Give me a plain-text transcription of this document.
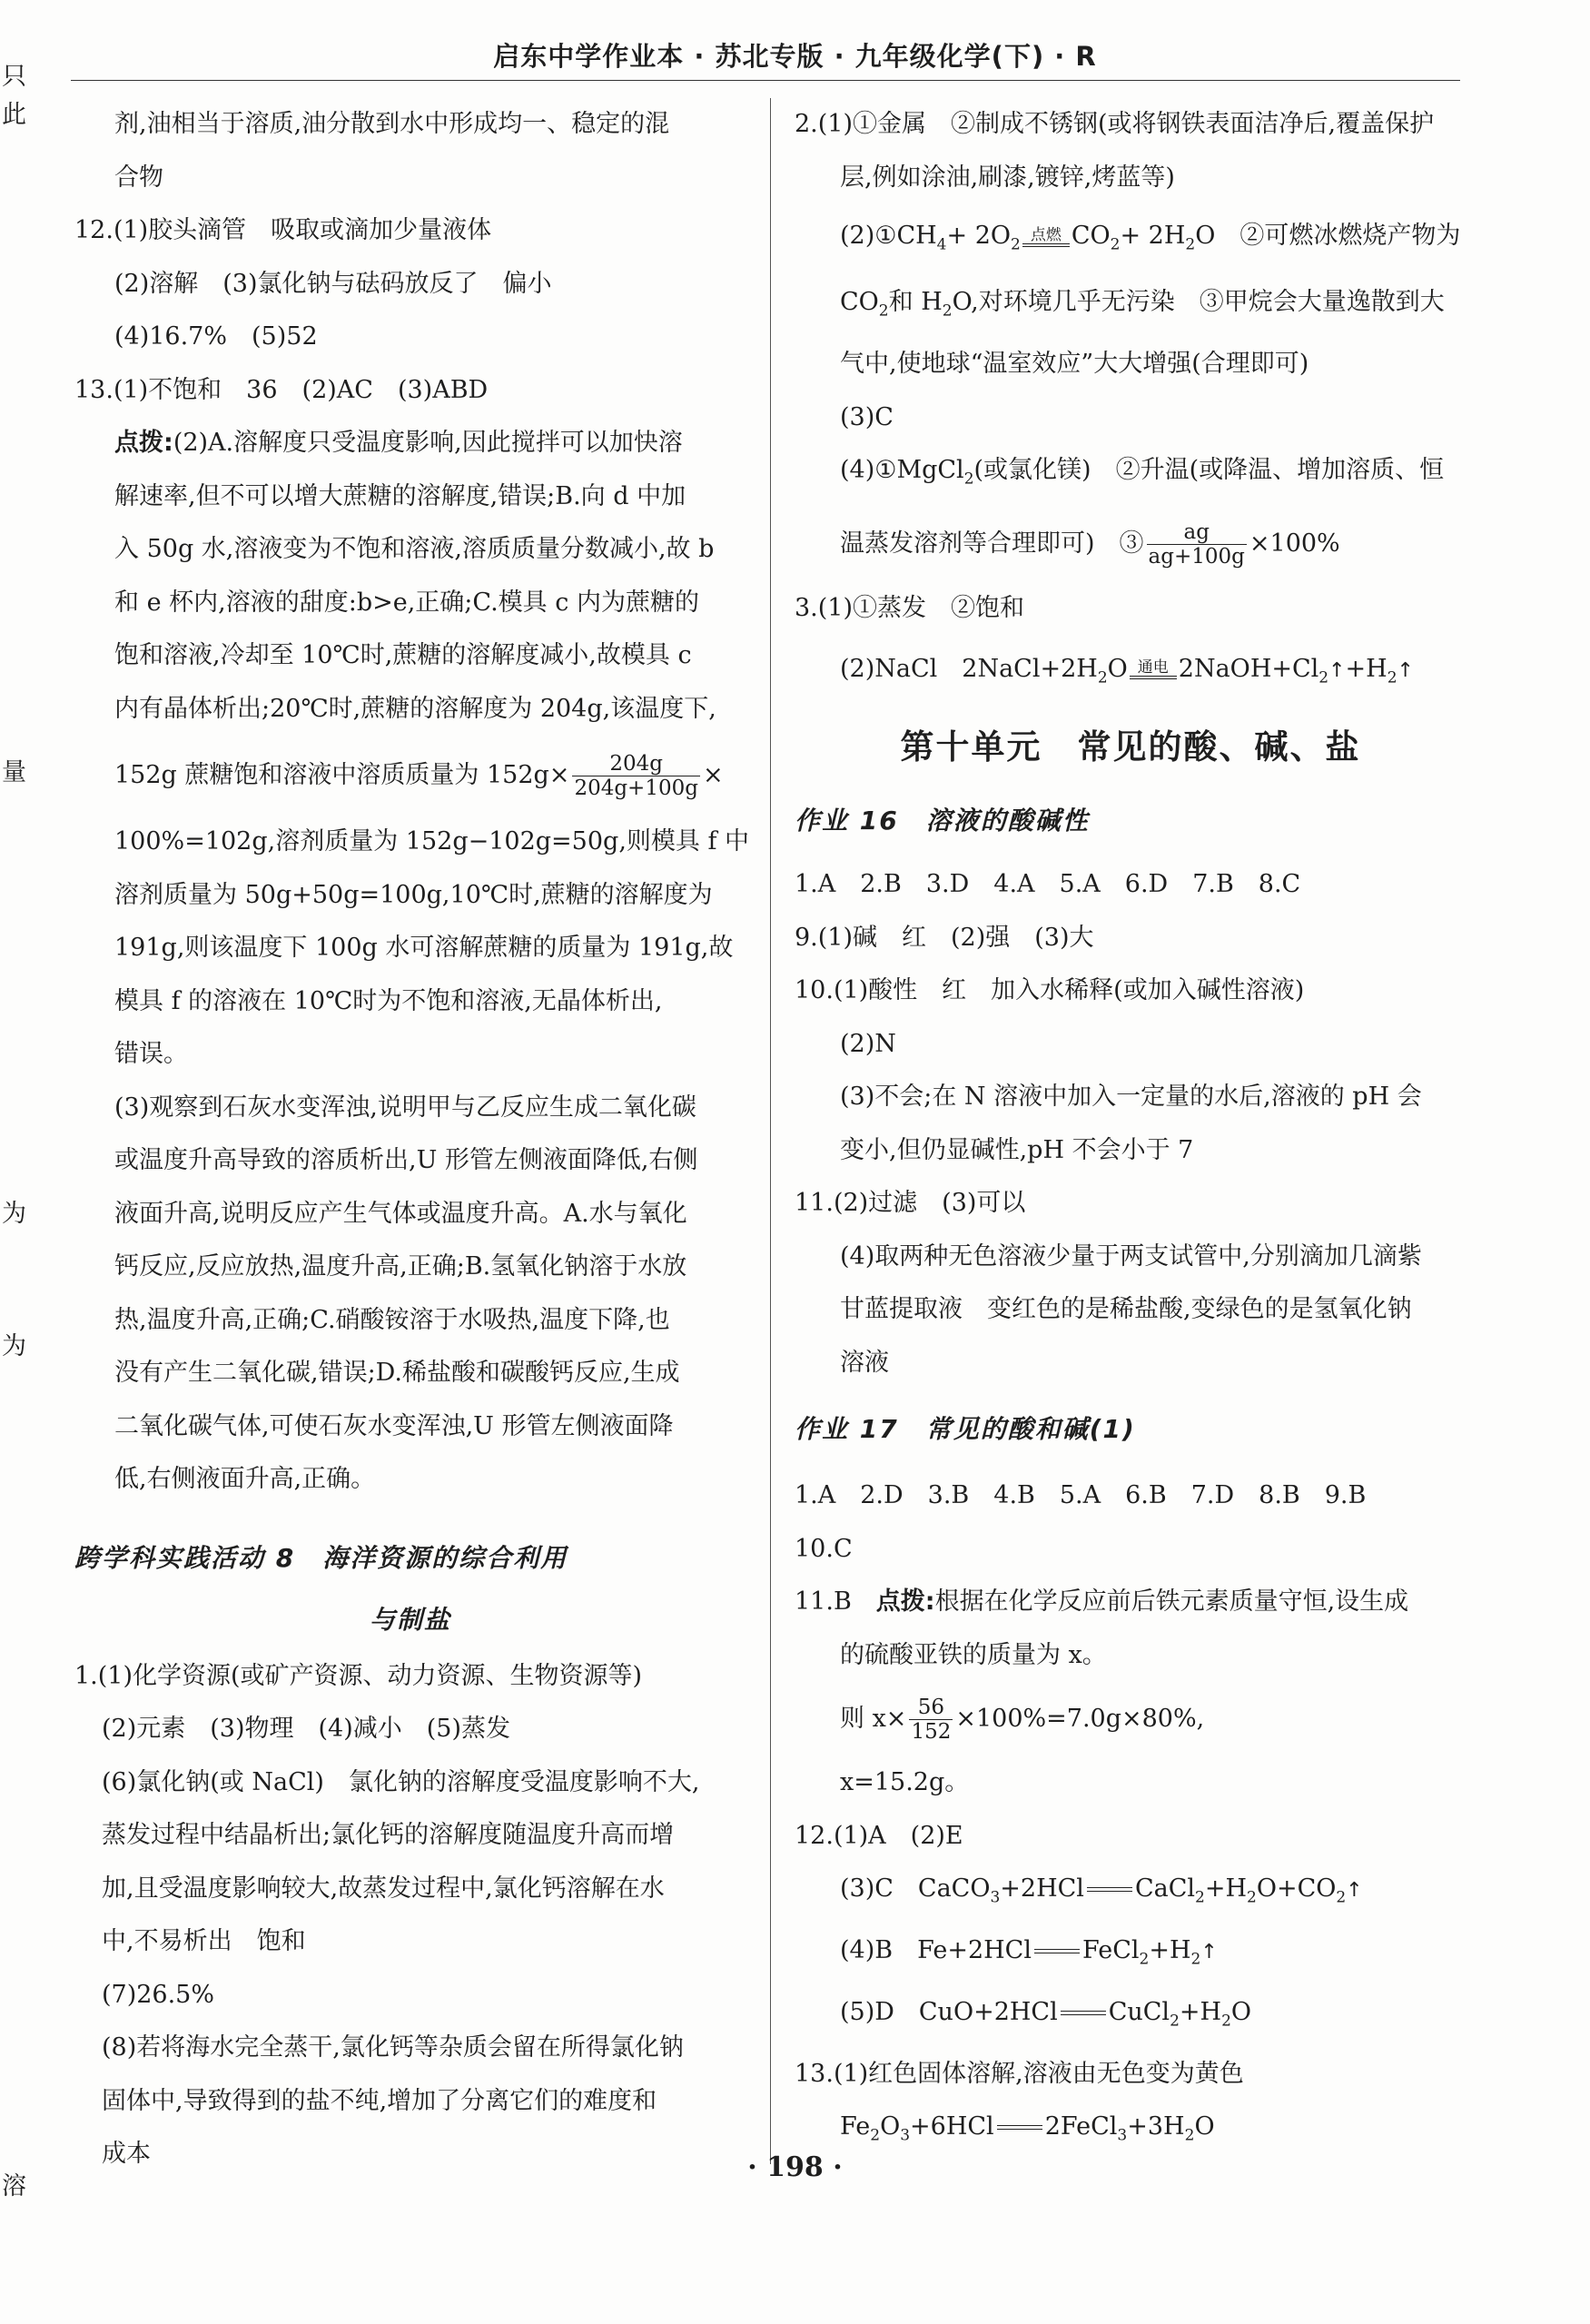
启东中学作业本 · 苏北专版 · 九年级化学(下) · R
只
此
量
为
为
溶

剂,油相当于溶质,油分散到水中形成均一、稳定的混

合物

12.(1)胶头滴管　吸取或滴加少量液体

(2)溶解　(3)氯化钠与砝码放反了　偏小

(4)16.7%　(5)52

13.(1)不饱和　36　(2)AC　(3)ABD

点拨:(2)A.溶解度只受温度影响,因此搅拌可以加快溶

解速率,但不可以增大蔗糖的溶解度,错误;B.向 d 中加

入 50g 水,溶液变为不饱和溶液,溶质质量分数减小,故 b

和 e 杯内,溶液的甜度:b>e,正确;C.模具 c 内为蔗糖的

饱和溶液,冷却至 10℃时,蔗糖的溶解度减小,故模具 c

内有晶体析出;20℃时,蔗糖的溶解度为 204g,该温度下,

152g 蔗糖饱和溶液中溶质质量为 $152g\times \frac{204g}{204g+100g}$ ×

100%=102g,溶剂质量为 152g−102g=50g,则模具 f 中

溶剂质量为 50g+50g=100g,10℃时,蔗糖的溶解度为

191g,则该温度下 100g 水可溶解蔗糖的质量为 191g,故

模具 f 的溶液在 10℃时为不饱和溶液,无晶体析出,

错误。

(3)观察到石灰水变浑浊,说明甲与乙反应生成二氧化碳

或温度升高导致的溶质析出,U 形管左侧液面降低,右侧

液面升高,说明反应产生气体或温度升高。A.水与氧化

钙反应,反应放热,温度升高,正确;B.氢氧化钠溶于水放

热,温度升高,正确;C.硝酸铵溶于水吸热,温度下降,也

没有产生二氧化碳,错误;D.稀盐酸和碳酸钙反应,生成

二氧化碳气体,可使石灰水变浑浊,U 形管左侧液面降

低,右侧液面升高,正确。

跨学科实践活动 8　海洋资源的综合利用

与制盐

1.(1)化学资源(或矿产资源、动力资源、生物资源等)

(2)元素　(3)物理　(4)减小　(5)蒸发

(6)氯化钠(或 NaCl)　氯化钠的溶解度受温度影响不大,

蒸发过程中结晶析出;氯化钙的溶解度随温度升高而增

加,且受温度影响较大,故蒸发过程中,氯化钙溶解在水

中,不易析出　饱和

(7)26.5%

(8)若将海水完全蒸干,氯化钙等杂质会留在所得氯化钠

固体中,导致得到的盐不纯,增加了分离它们的难度和

成本

2.(1)①金属　②制成不锈钢(或将钢铁表面洁净后,覆盖保护

层,例如涂油,刷漆,镀锌,烤蓝等)

$(2)①CH_4+ 2O_2$
点燃 $CO_2+ 2H_2O$　②可燃冰燃烧产物为

$CO_2$和 $H_2O$,对环境几乎无污染　③甲烷会大量逸散到大

气中,使地球“温室效应”大大增强(合理即可)

(3)C

(4)①MgCl$_2$(或氯化镁)　②升温(或降温、增加溶质、恒

温蒸发溶剂等合理即可)　③ $\frac{ag}{ag+100g} \times 100\%$

3.(1)①蒸发　②饱和

(2)NaCl　$2NaCl+2H_2O$ 通电 $2NaOH+Cl_2↑+H_2↑$

第十单元　常见的酸、碱、盐

作业 16　溶液的酸碱性

1.A　2.B　3.D　4.A　5.A　6.D　7.B　8.C

9.(1)碱　红　(2)强　(3)大

10.(1)酸性　红　加入水稀释(或加入碱性溶液)

(2)N

(3)不会;在 N 溶液中加入一定量的水后,溶液的 pH 会

变小,但仍显碱性,pH 不会小于 7

11.(2)过滤　(3)可以

(4)取两种无色溶液少量于两支试管中,分别滴加几滴紫

甘蓝提取液　变红色的是稀盐酸,变绿色的是氢氧化钠

溶液

作业 17　常见的酸和碱(1)

1.A　2.D　3.B　4.B　5.A　6.B　7.D　8.B　9.B

10.C

11.B　点拨:根据在化学反应前后铁元素质量守恒,设生成

的硫酸亚铁的质量为 x。

则 $x\times \frac{56}{152} \times 100\%=7.0g\times 80\%$,

x=15.2g。

12.(1)A　(2)E

(3)C　CaCO$_3$+2HCl $CaCl_2+H_2O+CO_2↑$

(4)B　Fe+2HCl $FeCl_2+H_2↑$

(5)D　CuO+2HCl $CuCl_2+H_2O$

13.(1)红色固体溶解,溶液由无色变为黄色

$Fe_2O_3+6HCl$ $2FeCl_3+3H_2O$

· 198 ·
